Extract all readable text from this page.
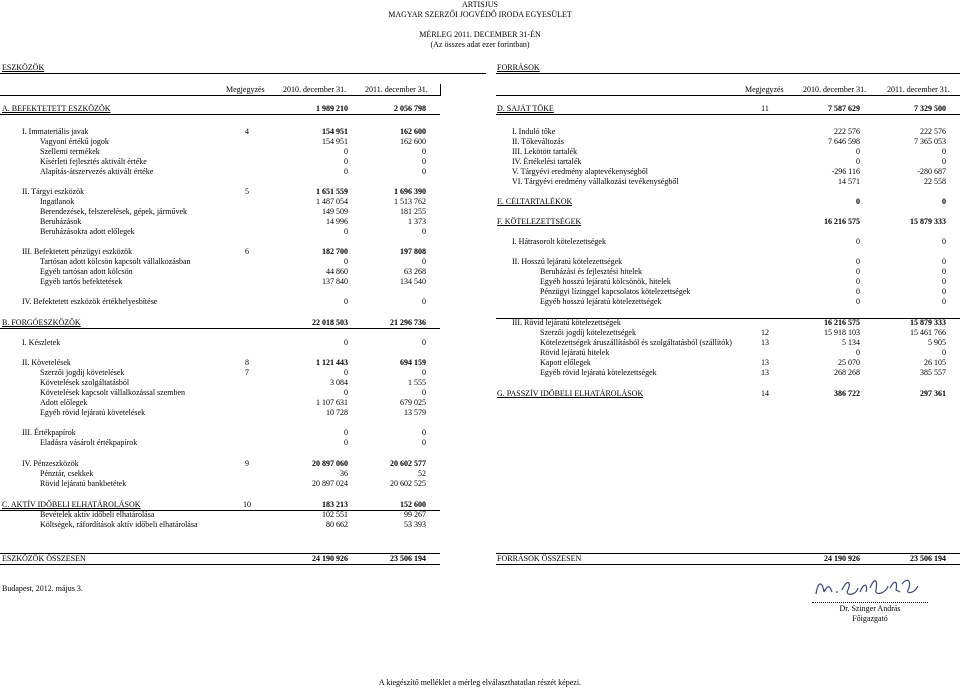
ARTISJUS
MAGYAR SZERZŐI JOGVÉDŐ IRODA EGYESÜLET
MÉRLEG 2011. DECEMBER 31-ÉN
(Az összes adat ezer forintban)
ESZKÖZÖK	FORRÁSOK
Megjegyzés 2010. december 31. 2011. december 31.	Megjegyzés 2010. december 31.	2011. december 31.
A. BEFEKTETETT ESZKÖZÖK	1 989 210	2 056 798
I. Immateriális javak	4	154 951	162 600
Vagyoni értékű jogok	154 951	162 600
Szellemi termékek	0	0
Kísérleti fejlesztés aktivált értéke	0	0
Alapítás-átszervezés aktivált értéke	0	0
II. Tárgyi eszközök	5	1 651 559	1 696 390
Ingatlanok	1 487 054	1 513 762
Berendezések, felszerelések, gépek, járművek	149 509	181 255
Beruházások	14 996	1 373
Beruházásokra adott előlegek	0	0
III. Befektetett pénzügyi eszközök	6	182 700	197 808
Tartósan adott kölcsön kapcsolt vállalkozásban	0	0
Egyéb tartósan adott kölcsön	44 860	63 268
Egyéb tartós befektetések	137 840	134 540
IV. Befektetett eszközök értékhelyesbítése	0	0
B. FORGÓESZKÖZÖK	22 018 503	21 296 736
I. Készletek	0	0
II. Követelések	8	1 121 443	694 159
Szerzői jogdíj követelések	7	0	0
Követelések szolgáltatásból	3 084	1 555
Követelések kapcsolt vállalkozással szemben	0	0
Adott előlegek	1 107 631	679 025
Egyéb rövid lejáratú követelések	10 728	13 579
III. Értékpapírok	0	0
Eladásra vásárolt értékpapírok	0	0
IV. Pénzeszközök	9	20 897 060	20 602 577
Pénztár, csekkek	36	52
Rövid lejáratú bankbetétek	20 897 024	20 602 525
C. AKTÍV IDŐBELI ELHATÁROLÁSOK	10	183 213	152 600
Bevételek aktív időbeli elhatárolása	102 551	99 267
Költségek, ráfordítások aktív időbeli elhatárolása	80 662	53 393
D. SAJÁT TŐKE	11	7 587 629	7 329 500
I. Induló tőke	222 576	222 576
II. Tőkeváltozás	7 646 598	7 365 053
III. Lekötött tartalék	0	0
IV. Értékelési tartalék	0	0
V. Tárgyévi eredmény alaptevékenységből	-296 116	-280 687
VI. Tárgyévi eredmény vállalkozási tevékenységből	14 571	22 558
E. CÉLTARTALÉKOK	0	0
F. KÖTELEZETTSÉGEK	16 216 575	15 879 333
I. Hátrasorolt kötelezettségek	0	0
II. Hosszú lejáratú kötelezettségek	0	0
Beruházási és fejlesztési hitelek	0	0
Egyéb hosszú lejáratú kölcsönök, hitelek	0	0
Pénzügyi lízinggel kapcsolatos kötelezettségek	0	0
Egyéb hosszú lejáratú kötelezettségek	0	0
III. Rövid lejáratú kötelezettségek	16 216 575	15 879 333
Szerzői jogdíj kötelezettségek	12	15 918 103	15 461 766
Kötelezettségek áruszállításból és szolgáltatásból (szállítók)	13	5 134	5 905
Rövid lejáratú hitelek	0	0
Kapott előlegek	13	25 070	26 105
Egyéb rövid lejáratú kötelezettségek	13	268 268	385 557
G. PASSZÍV IDŐBELI ELHATÁROLÁSOK	14	386 722	297 361
ESZKÖZÖK ÖSSZESEN	24 190 926	23 506 194	FORRÁSOK ÖSSZESEN	24 190 926	23 506 194
Budapest, 2012. május 3.
Dr. Szinger András
Főigazgató
A kiegészítő melléklet a mérleg elválaszthatatlan részét képezi.
